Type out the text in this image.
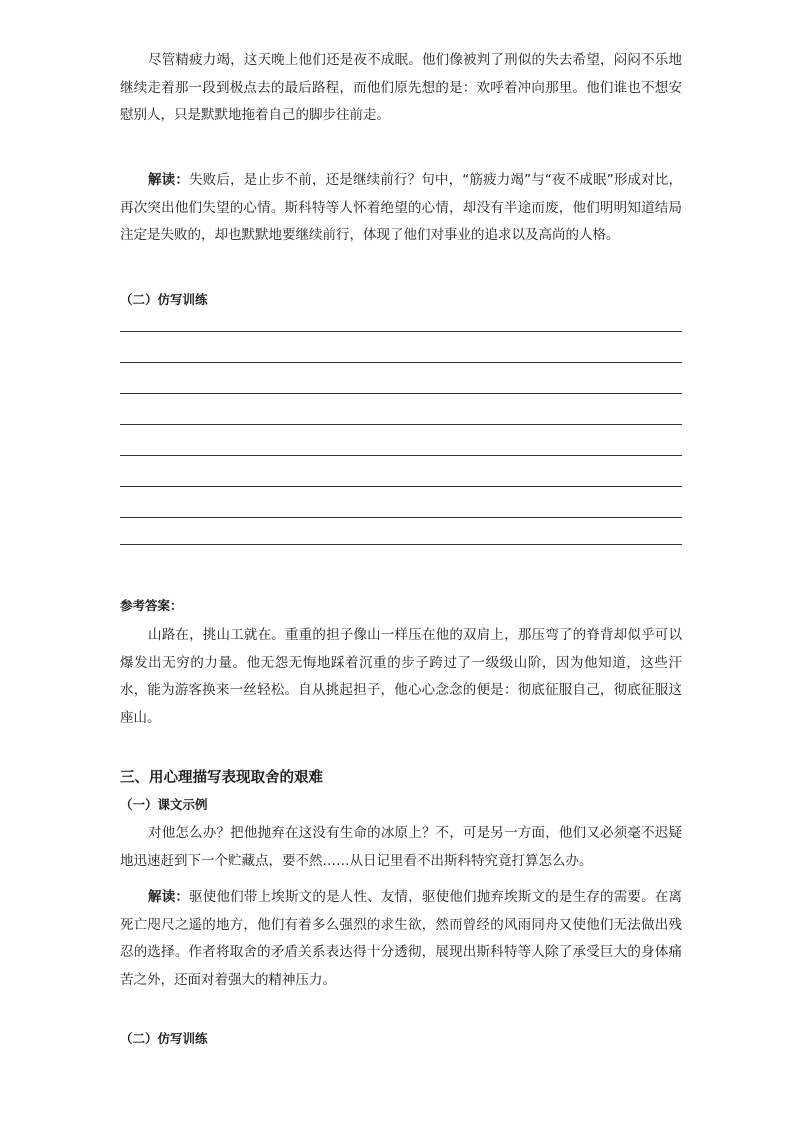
尽管精疲力竭，这天晚上他们还是夜不成眠。他们像被判了刑似的失去希望，闷闷不乐地继续走着那一段到极点去的最后路程，而他们原先想的是：欢呼着冲向那里。他们谁也不想安慰别人，只是默默地拖着自己的脚步往前走。

解读：失败后，是止步不前，还是继续前行？句中，“筋疲力竭”与“夜不成眠”形成对比，再次突出他们失望的心情。斯科特等人怀着绝望的心情，却没有半途而废，他们明明知道结局注定是失败的，却也默默地要继续前行，体现了他们对事业的追求以及高尚的人格。

（二）仿写训练

参考答案：

山路在，挑山工就在。重重的担子像山一样压在他的双肩上，那压弯了的脊背却似乎可以爆发出无穷的力量。他无怨无悔地踩着沉重的步子跨过了一级级山阶，因为他知道，这些汗水，能为游客换来一丝轻松。自从挑起担子，他心心念念的便是：彻底征服自己，彻底征服这座山。

三、用心理描写表现取舍的艰难

（一）课文示例

对他怎么办？把他抛弃在这没有生命的冰原上？不，可是另一方面，他们又必须毫不迟疑地迅速赶到下一个贮藏点，要不然……从日记里看不出斯科特究竟打算怎么办。

解读：驱使他们带上埃斯文的是人性、友情，驱使他们抛弃埃斯文的是生存的需要。在离死亡咫尺之遥的地方，他们有着多么强烈的求生欲，然而曾经的风雨同舟又使他们无法做出残忍的选择。作者将取舍的矛盾关系表达得十分透彻，展现出斯科特等人除了承受巨大的身体痛苦之外，还面对着强大的精神压力。

（二）仿写训练
